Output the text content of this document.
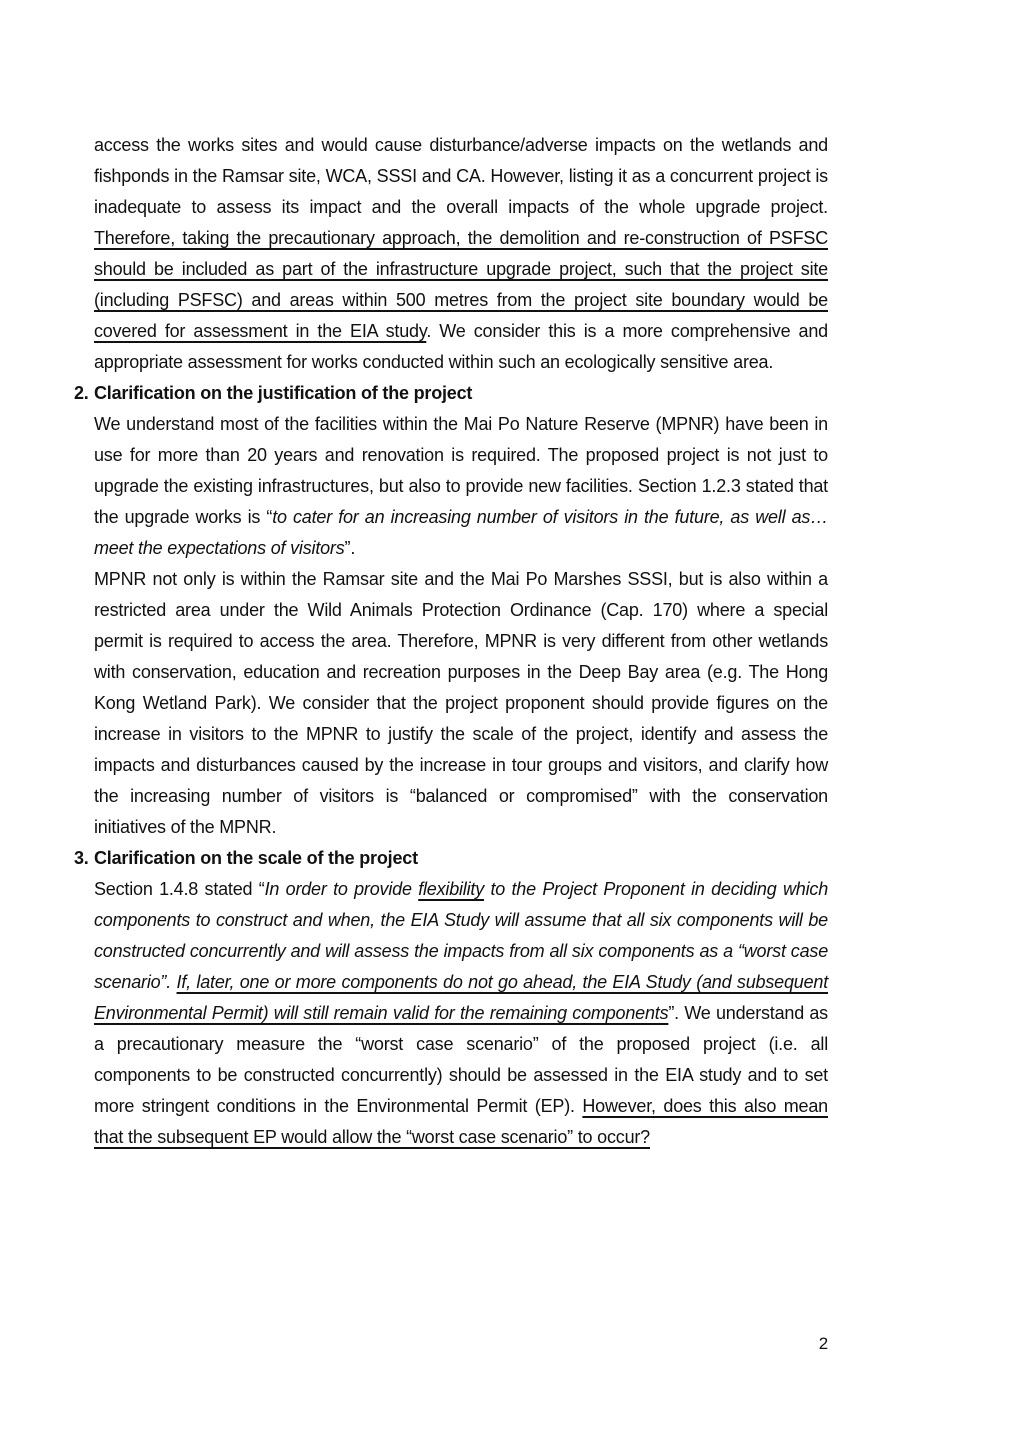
access the works sites and would cause disturbance/adverse impacts on the wetlands and fishponds in the Ramsar site, WCA, SSSI and CA. However, listing it as a concurrent project is inadequate to assess its impact and the overall impacts of the whole upgrade project. Therefore, taking the precautionary approach, the demolition and re-construction of PSFSC should be included as part of the infrastructure upgrade project, such that the project site (including PSFSC) and areas within 500 metres from the project site boundary would be covered for assessment in the EIA study. We consider this is a more comprehensive and appropriate assessment for works conducted within such an ecologically sensitive area.

2. Clarification on the justification of the project

We understand most of the facilities within the Mai Po Nature Reserve (MPNR) have been in use for more than 20 years and renovation is required. The proposed project is not just to upgrade the existing infrastructures, but also to provide new facilities. Section 1.2.3 stated that the upgrade works is “to cater for an increasing number of visitors in the future, as well as…meet the expectations of visitors”.

MPNR not only is within the Ramsar site and the Mai Po Marshes SSSI, but is also within a restricted area under the Wild Animals Protection Ordinance (Cap. 170) where a special permit is required to access the area. Therefore, MPNR is very different from other wetlands with conservation, education and recreation purposes in the Deep Bay area (e.g. The Hong Kong Wetland Park). We consider that the project proponent should provide figures on the increase in visitors to the MPNR to justify the scale of the project, identify and assess the impacts and disturbances caused by the increase in tour groups and visitors, and clarify how the increasing number of visitors is “balanced or compromised” with the conservation initiatives of the MPNR.

3. Clarification on the scale of the project

Section 1.4.8 stated “In order to provide flexibility to the Project Proponent in deciding which components to construct and when, the EIA Study will assume that all six components will be constructed concurrently and will assess the impacts from all six components as a “worst case scenario”. If, later, one or more components do not go ahead, the EIA Study (and subsequent Environmental Permit) will still remain valid for the remaining components”. We understand as a precautionary measure the “worst case scenario” of the proposed project (i.e. all components to be constructed concurrently) should be assessed in the EIA study and to set more stringent conditions in the Environmental Permit (EP). However, does this also mean that the subsequent EP would allow the “worst case scenario” to occur?

2
